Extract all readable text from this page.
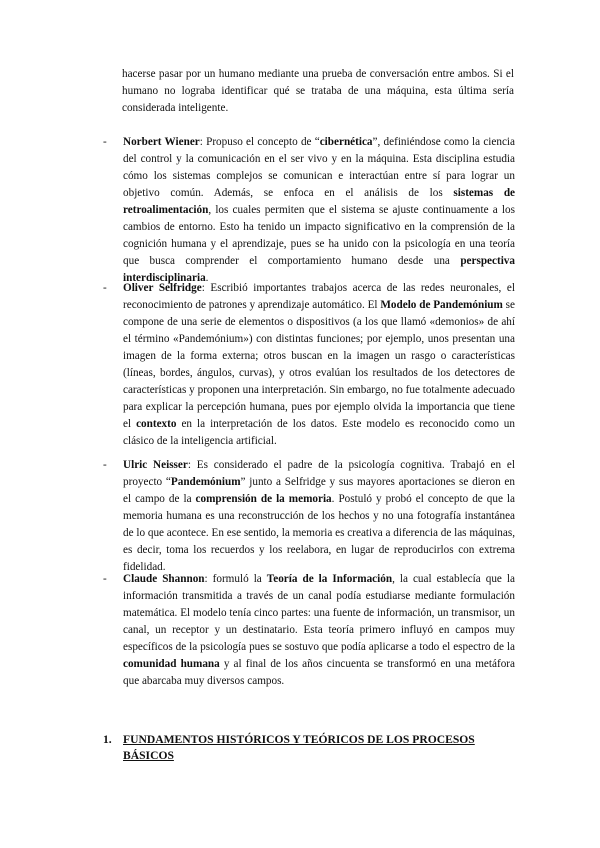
hacerse pasar por un humano mediante una prueba de conversación entre ambos. Si el humano no lograba identificar qué se trataba de una máquina, esta última sería considerada inteligente.
-	Norbert Wiener: Propuso el concepto de “cibernética”, definiéndose como la ciencia del control y la comunicación en el ser vivo y en la máquina. Esta disciplina estudia cómo los sistemas complejos se comunican e interactúan entre sí para lograr un objetivo común. Además, se enfoca en el análisis de los sistemas de retroalimentación, los cuales permiten que el sistema se ajuste continuamente a los cambios de entorno. Esto ha tenido un impacto significativo en la comprensión de la cognición humana y el aprendizaje, pues se ha unido con la psicología en una teoría que busca comprender el comportamiento humano desde una perspectiva interdisciplinaria.
-	Oliver Selfridge: Escribió importantes trabajos acerca de las redes neuronales, el reconocimiento de patrones y aprendizaje automático. El Modelo de Pandemónium se compone de una serie de elementos o dispositivos (a los que llamó «demonios» de ahí el término «Pandemónium») con distintas funciones; por ejemplo, unos presentan una imagen de la forma externa; otros buscan en la imagen un rasgo o características (líneas, bordes, ángulos, curvas), y otros evalúan los resultados de los detectores de características y proponen una interpretación. Sin embargo, no fue totalmente adecuado para explicar la percepción humana, pues por ejemplo olvida la importancia que tiene el contexto en la interpretación de los datos. Este modelo es reconocido como un clásico de la inteligencia artificial.
-	Ulric Neisser: Es considerado el padre de la psicología cognitiva. Trabajó en el proyecto “Pandemónium” junto a Selfridge y sus mayores aportaciones se dieron en el campo de la comprensión de la memoria. Postuló y probó el concepto de que la memoria humana es una reconstrucción de los hechos y no una fotografía instantánea de lo que acontece. En ese sentido, la memoria es creativa a diferencia de las máquinas, es decir, toma los recuerdos y los reelabora, en lugar de reproducirlos con extrema fidelidad.
-	Claude Shannon: formuló la Teoría de la Información, la cual establecía que la información transmitida a través de un canal podía estudiarse mediante formulación matemática. El modelo tenía cinco partes: una fuente de información, un transmisor, un canal, un receptor y un destinatario. Esta teoría primero influyó en campos muy específicos de la psicología pues se sostuvo que podía aplicarse a todo el espectro de la comunidad humana y al final de los años cincuenta se transformó en una metáfora que abarcaba muy diversos campos.
1. FUNDAMENTOS HISTÓRICOS Y TEÓRICOS DE LOS PROCESOS BÁSICOS
